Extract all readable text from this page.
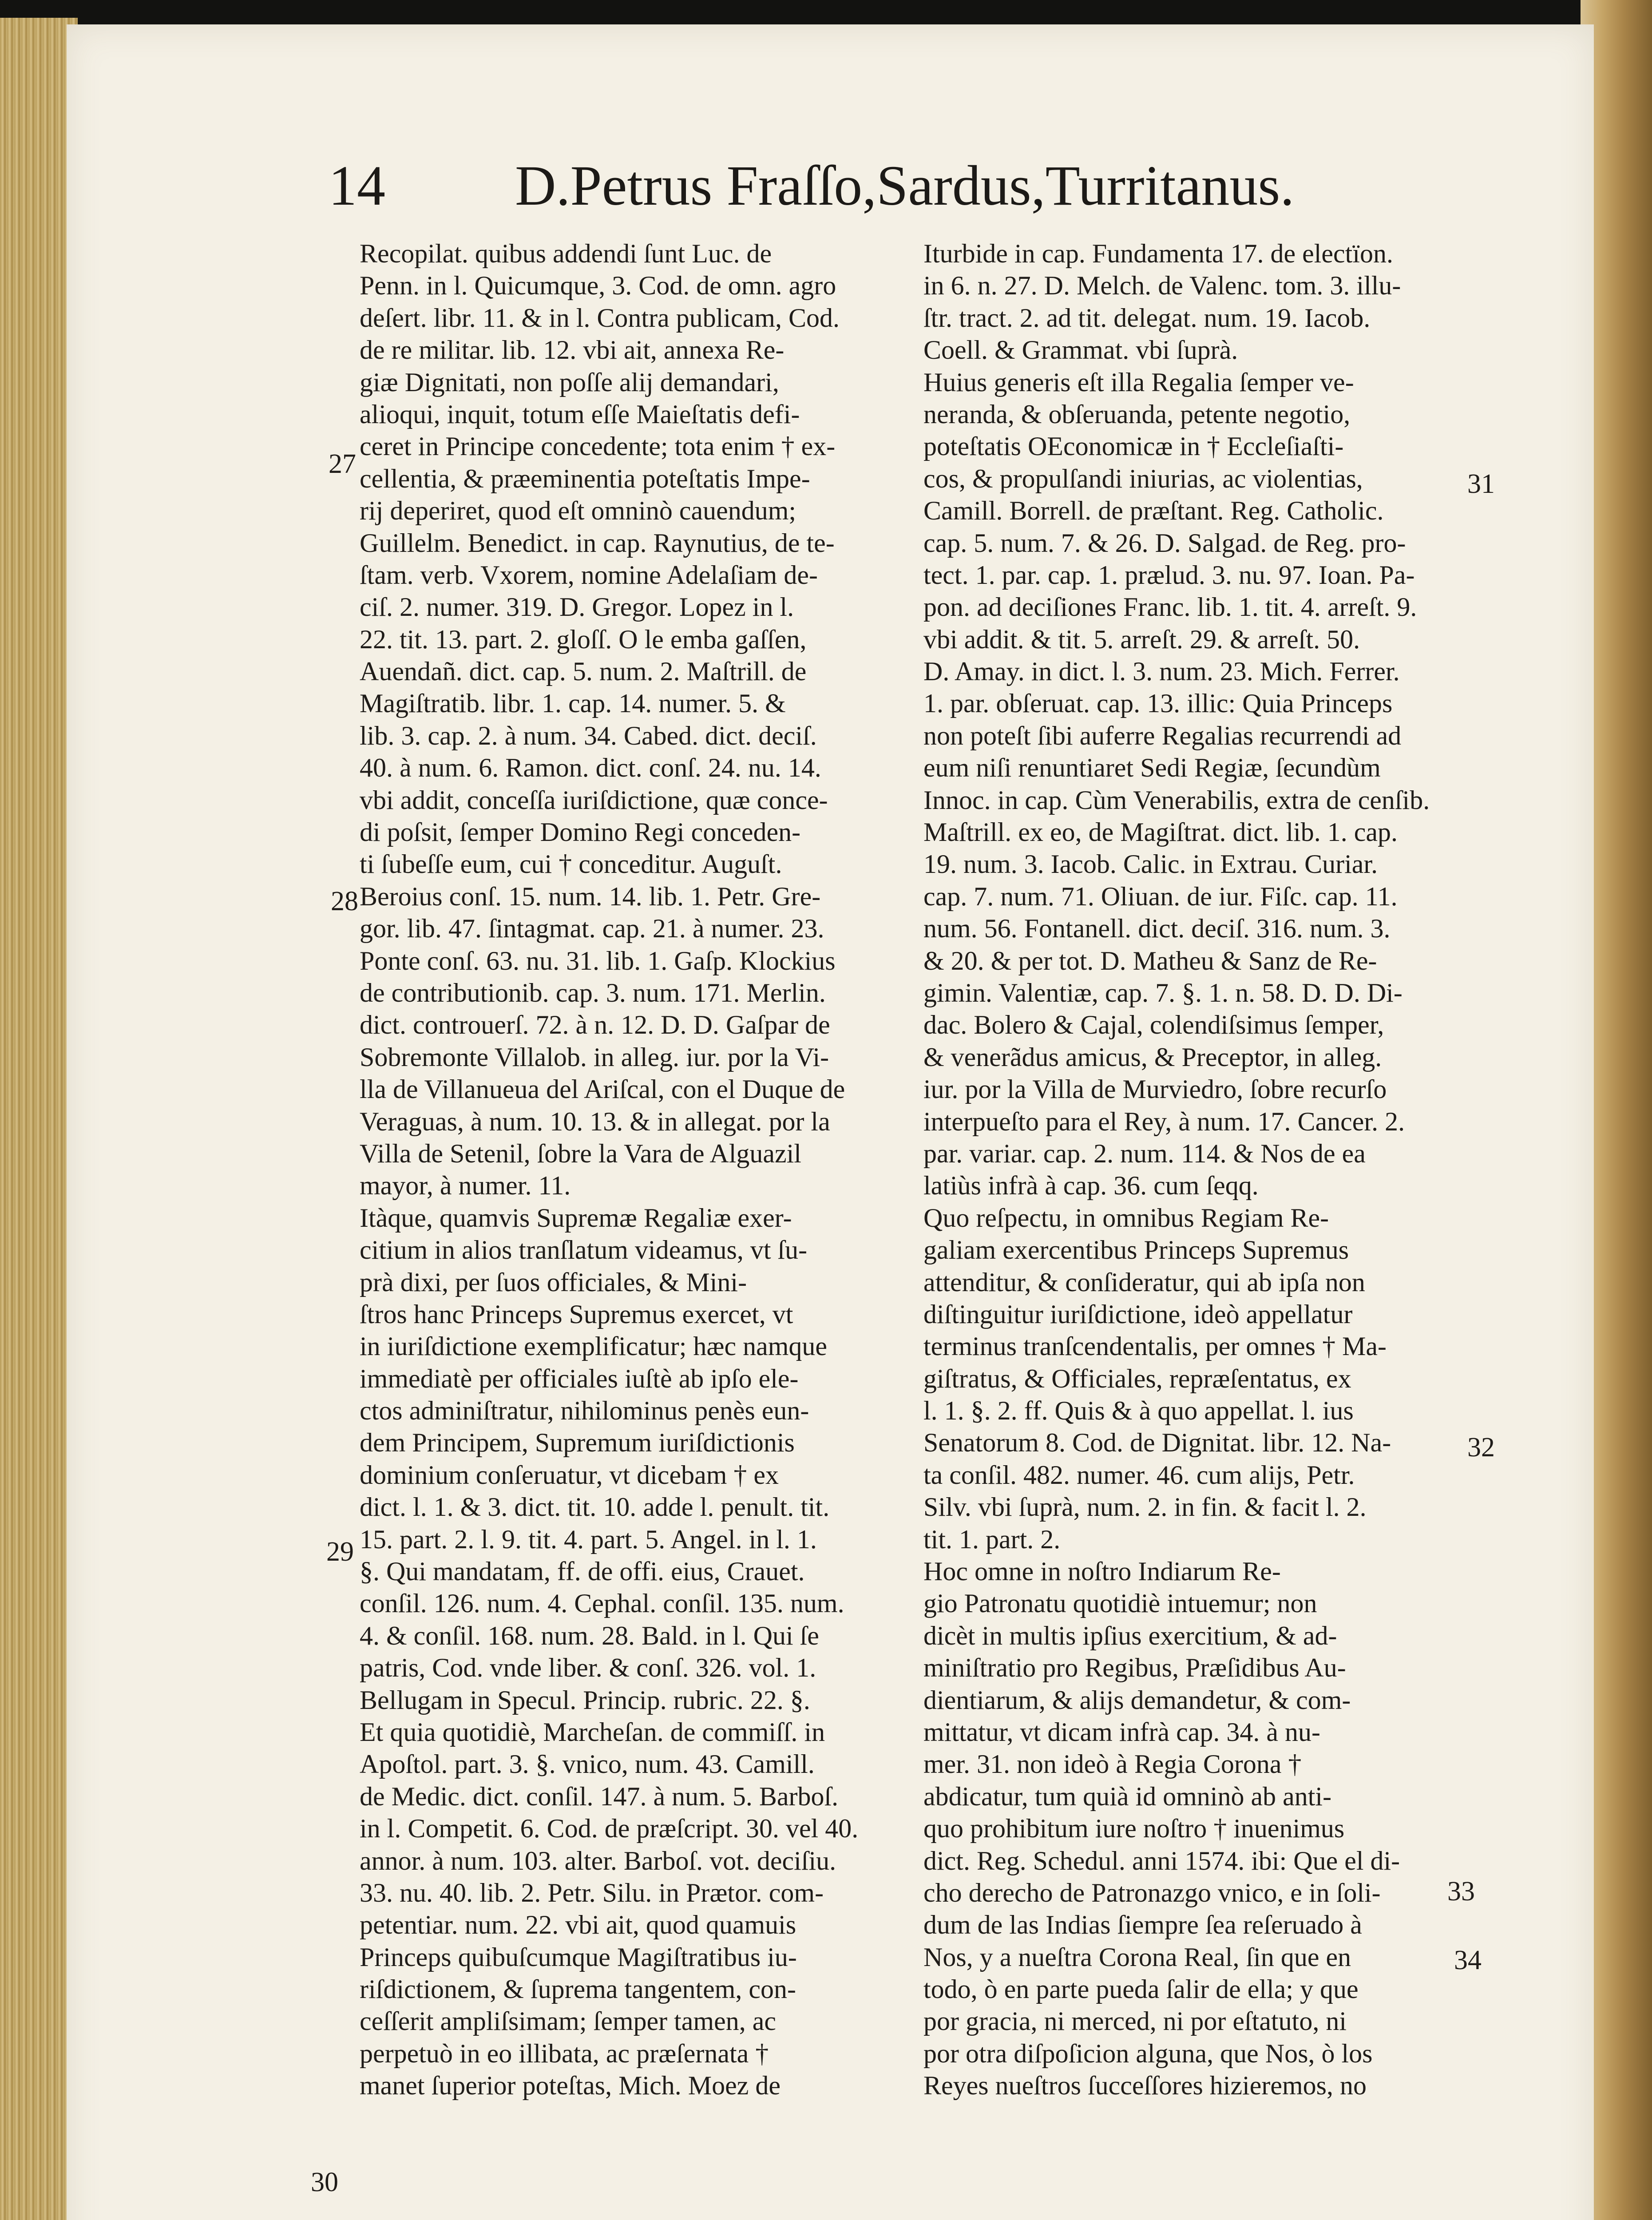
14 D.Petrus Fraſſo,Sardus,Turritanus.
Recopilat. quibus addendi ſunt Luc. de
Penn. in l. Quicumque, 3. Cod. de omn. agro
deſert. libr. 11. & in l. Contra publicam, Cod.
de re militar. lib. 12. vbi ait, annexa Re-
giæ Dignitati, non poſſe alij demandari,
alioqui, inquit, totum eſſe Maieſtatis defi-
ceret in Principe concedente; tota enim † ex-
cellentia, & præeminentia poteſtatis Impe-
rij deperiret, quod eſt omninò cauendum;
Guillelm. Benedict. in cap. Raynutius, de te-
ſtam. verb. Vxorem, nomine Adelaſiam de-
ciſ. 2. numer. 319. D. Gregor. Lopez in l.
22. tit. 13. part. 2. gloſſ. O le emba gaſſen,
Auendañ. dict. cap. 5. num. 2. Maſtrill. de
Magiſtratib. libr. 1. cap. 14. numer. 5. &
lib. 3. cap. 2. à num. 34. Cabed. dict. deciſ.
40. à num. 6. Ramon. dict. conſ. 24. nu. 14.
vbi addit, conceſſa iuriſdictione, quæ conce-
di poſsit, ſemper Domino Regi conceden-
ti ſubeſſe eum, cui † conceditur. Auguſt.
Beroius conſ. 15. num. 14. lib. 1. Petr. Gre-
gor. lib. 47. ſintagmat. cap. 21. à numer. 23.
Ponte conſ. 63. nu. 31. lib. 1. Gaſp. Klockius
de contributionib. cap. 3. num. 171. Merlin.
dict. controuerſ. 72. à n. 12. D. D. Gaſpar de
Sobremonte Villalob. in alleg. iur. por la Vi-
lla de Villanueua del Ariſcal, con el Duque de
Veraguas, à num. 10. 13. & in allegat. por la
Villa de Setenil, ſobre la Vara de Alguazil
mayor, à numer. 11.
Itàque, quamvis Supremæ Regaliæ exer-
citium in alios tranſlatum videamus, vt ſu-
prà dixi, per ſuos officiales, & Mini-
ſtros hanc Princeps Supremus exercet, vt
in iuriſdictione exemplificatur; hæc namque
immediatè per officiales iuſtè ab ipſo ele-
ctos adminiſtratur, nihilominus penès eun-
dem Principem, Supremum iuriſdictionis
dominium conſeruatur, vt dicebam † ex
dict. l. 1. & 3. dict. tit. 10. adde l. penult. tit.
15. part. 2. l. 9. tit. 4. part. 5. Angel. in l. 1.
§. Qui mandatam, ff. de offi. eius, Crauet.
conſil. 126. num. 4. Cephal. conſil. 135. num.
4. & conſil. 168. num. 28. Bald. in l. Qui ſe
patris, Cod. vnde liber. & conſ. 326. vol. 1.
Bellugam in Specul. Princip. rubric. 22. §.
Et quia quotidiè, Marcheſan. de commiſſ. in
Apoſtol. part. 3. §. vnico, num. 43. Camill.
de Medic. dict. conſil. 147. à num. 5. Barboſ.
in l. Competit. 6. Cod. de præſcript. 30. vel 40.
annor. à num. 103. alter. Barboſ. vot. deciſiu.
33. nu. 40. lib. 2. Petr. Silu. in Prætor. com-
petentiar. num. 22. vbi ait, quod quamuis
Princeps quibuſcumque Magiſtratibus iu-
riſdictionem, & ſuprema tangentem, con-
ceſſerit ampliſsimam; ſemper tamen, ac
perpetuò in eo illibata, ac præſernata †
manet ſuperior poteſtas, Mich. Moez de
Iturbide in cap. Fundamenta 17. de electïon.
in 6. n. 27. D. Melch. de Valenc. tom. 3. illu-
ſtr. tract. 2. ad tit. delegat. num. 19. Iacob.
Coell. & Grammat. vbi ſuprà.
Huius generis eſt illa Regalia ſemper ve-
neranda, & obſeruanda, petente negotio,
poteſtatis OEconomicæ in † Eccleſiaſti-
cos, & propulſandi iniurias, ac violentias,
Camill. Borrell. de præſtant. Reg. Catholic.
cap. 5. num. 7. & 26. D. Salgad. de Reg. pro-
tect. 1. par. cap. 1. prælud. 3. nu. 97. Ioan. Pa-
pon. ad deciſiones Franc. lib. 1. tit. 4. arreſt. 9.
vbi addit. & tit. 5. arreſt. 29. & arreſt. 50.
D. Amay. in dict. l. 3. num. 23. Mich. Ferrer.
1. par. obſeruat. cap. 13. illic: Quia Princeps
non poteſt ſibi auferre Regalias recurrendi ad
eum niſi renuntiaret Sedi Regiæ, ſecundùm
Innoc. in cap. Cùm Venerabilis, extra de cenſib.
Maſtrill. ex eo, de Magiſtrat. dict. lib. 1. cap.
19. num. 3. Iacob. Calic. in Extrau. Curiar.
cap. 7. num. 71. Oliuan. de iur. Fiſc. cap. 11.
num. 56. Fontanell. dict. deciſ. 316. num. 3.
& 20. & per tot. D. Matheu & Sanz de Re-
gimin. Valentiæ, cap. 7. §. 1. n. 58. D. D. Di-
dac. Bolero & Cajal, colendiſsimus ſemper,
& venerãdus amicus, & Preceptor, in alleg.
iur. por la Villa de Murviedro, ſobre recurſo
interpueſto para el Rey, à num. 17. Cancer. 2.
par. variar. cap. 2. num. 114. & Nos de ea
latiùs infrà à cap. 36. cum ſeqq.
Quo reſpectu, in omnibus Regiam Re-
galiam exercentibus Princeps Supremus
attenditur, & conſideratur, qui ab ipſa non
diſtinguitur iuriſdictione, ideò appellatur
terminus tranſcendentalis, per omnes † Ma-
giſtratus, & Officiales, repræſentatus, ex
l. 1. §. 2. ff. Quis & à quo appellat. l. ius
Senatorum 8. Cod. de Dignitat. libr. 12. Na-
ta conſil. 482. numer. 46. cum alijs, Petr.
Silv. vbi ſuprà, num. 2. in fin. & facit l. 2.
tit. 1. part. 2.
Hoc omne in noſtro Indiarum Re-
gio Patronatu quotidiè intuemur; non
dicèt in multis ipſius exercitium, & ad-
miniſtratio pro Regibus, Præſidibus Au-
dientiarum, & alijs demandetur, & com-
mittatur, vt dicam infrà cap. 34. à nu-
mer. 31. non ideò à Regia Corona †
abdicatur, tum quià id omninò ab anti-
quo prohibitum iure noſtro † inuenimus
dict. Reg. Schedul. anni 1574. ibi: Que el di-
cho derecho de Patronazgo vnico, e in ſoli-
dum de las Indias ſiempre ſea reſeruado à
Nos, y a nueſtra Corona Real, ſin que en
todo, ò en parte pueda ſalir de ella; y que
por gracia, ni merced, ni por eſtatuto, ni
por otra diſpoſicion alguna, que Nos, ò los
Reyes nueſtros ſucceſſores hizieremos, no
27
28
29
30
31
32
33
34
